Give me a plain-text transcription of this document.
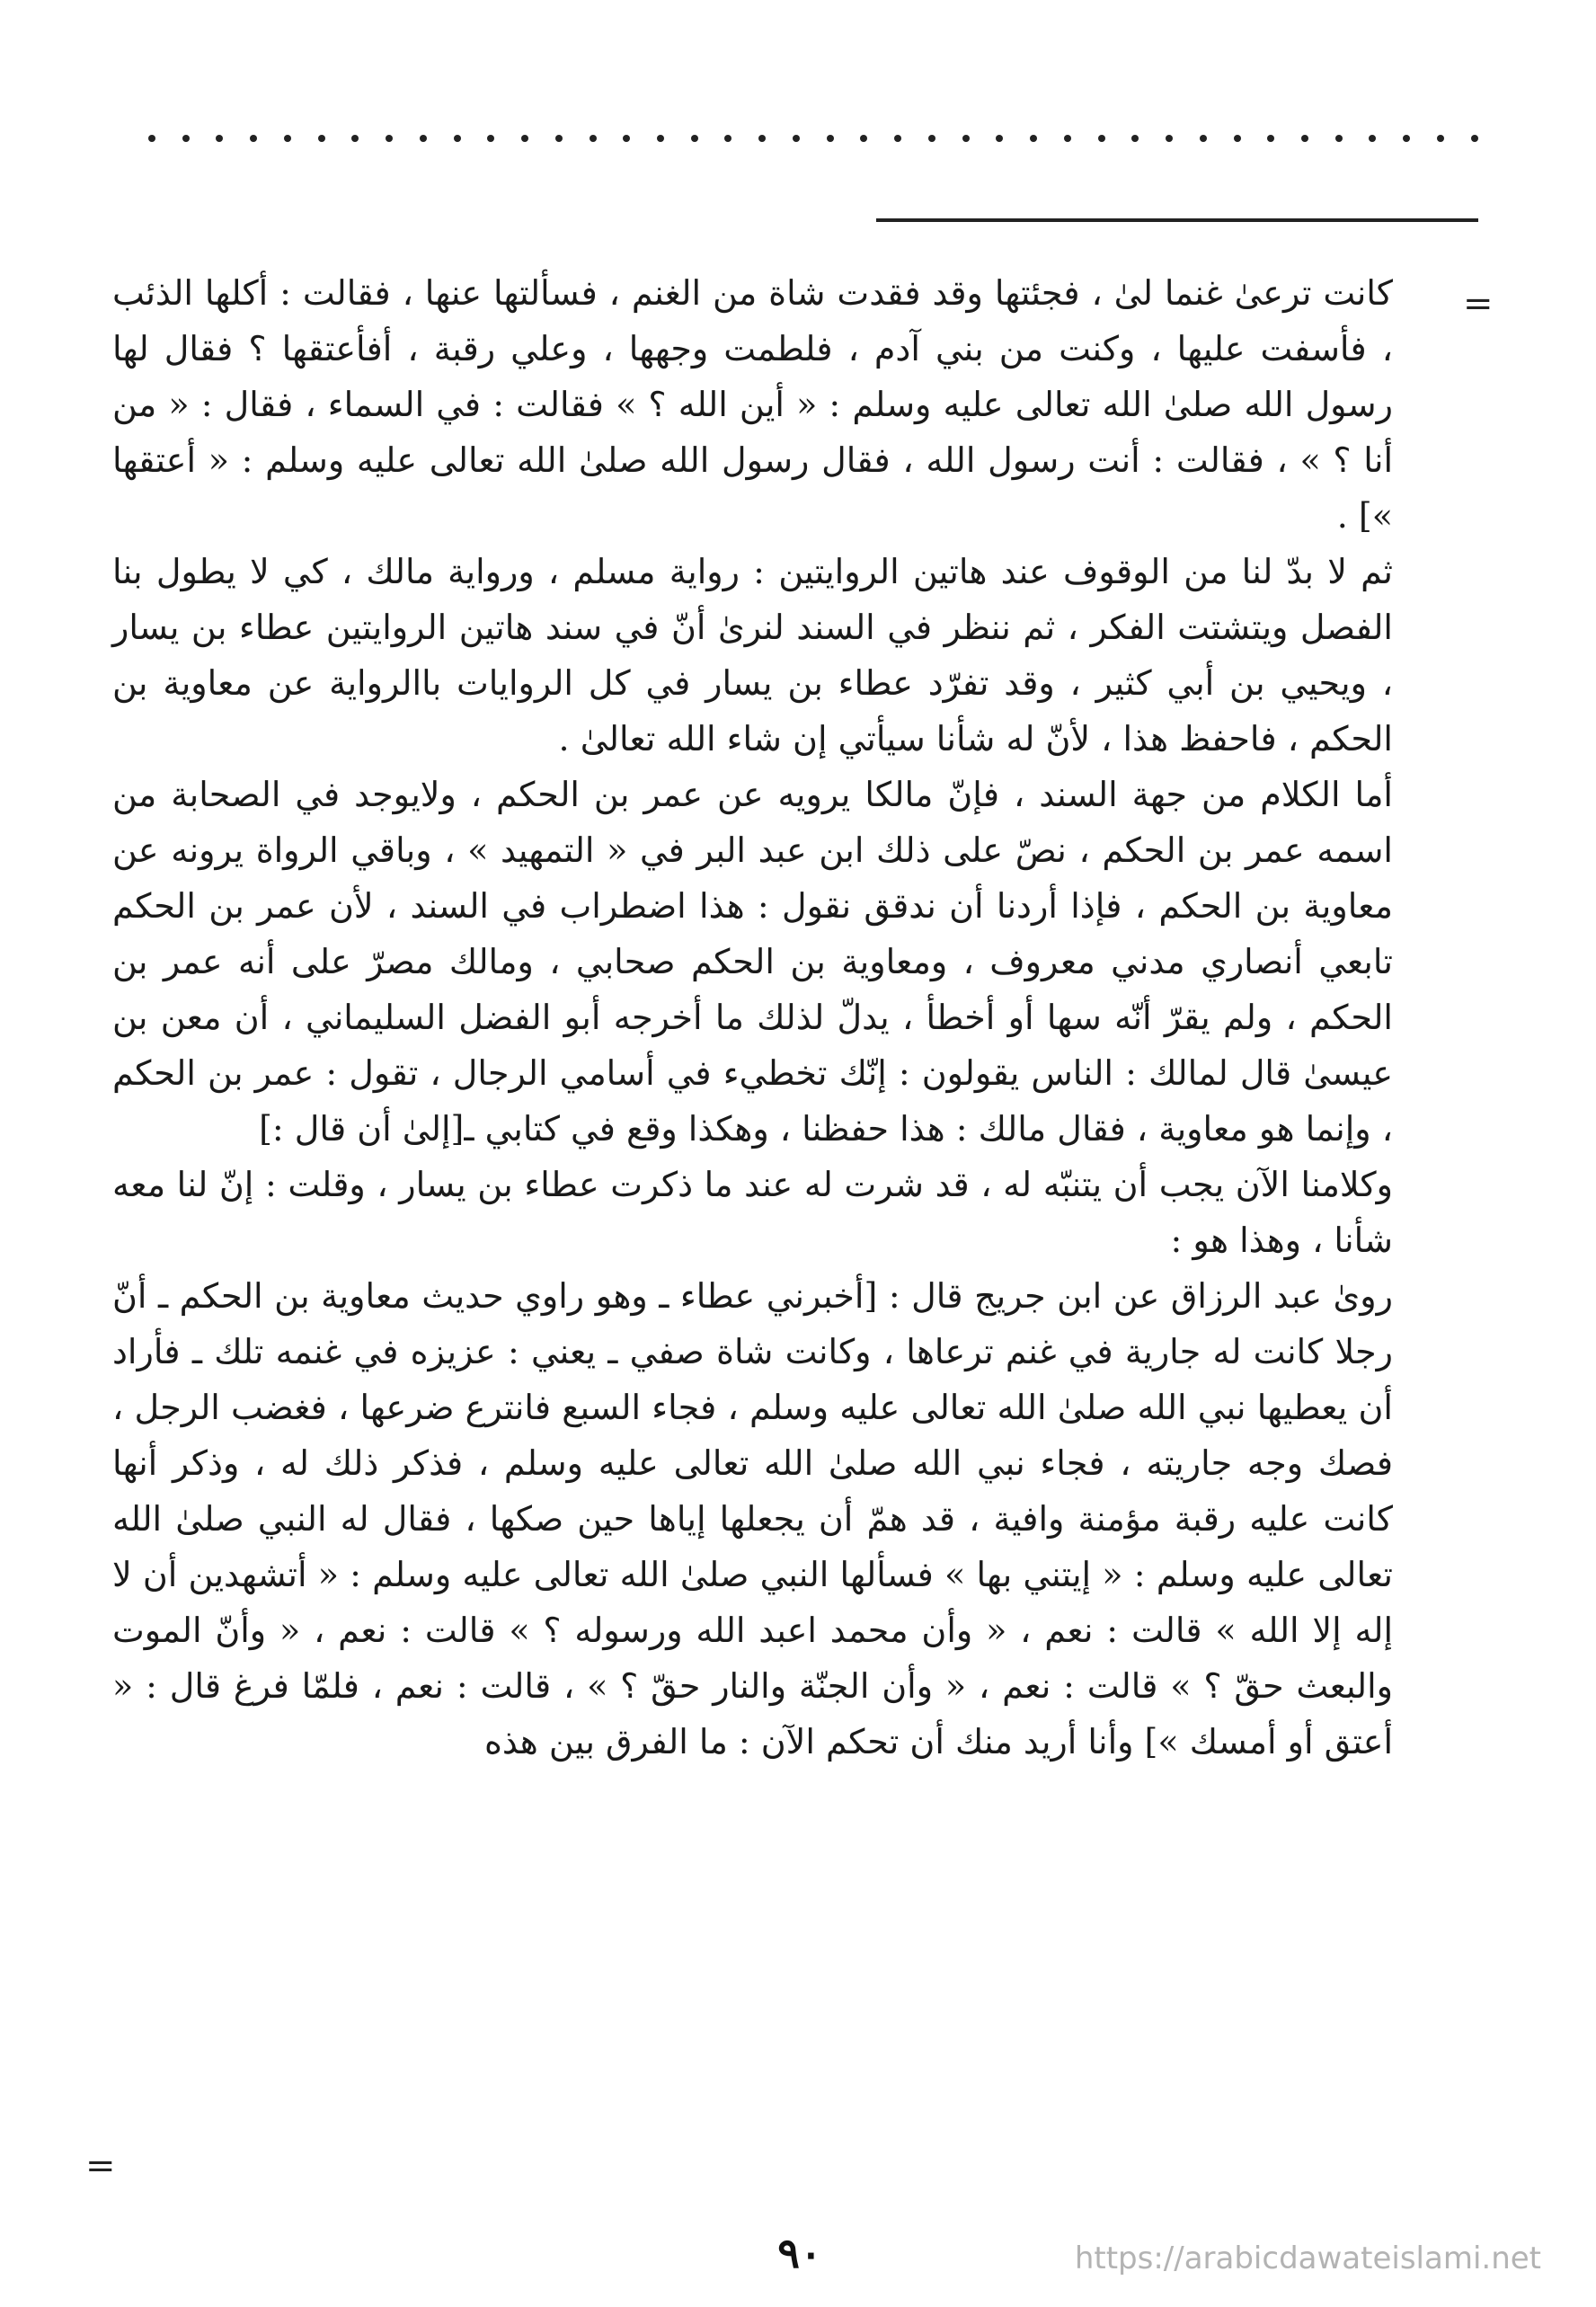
=

كانت ترعىٰ غنما لىٰ ، فجئتها وقد فقدت شاة من الغنم ، فسألتها عنها ، فقالت : أكلها الذئب ، فأسفت عليها ، وكنت من بني آدم ، فلطمت وجهها ، وعلي رقبة ، أفأعتقها ؟ فقال لها رسول الله صلىٰ الله تعالى عليه وسلم : « أين الله ؟ » فقالت : في السماء ، فقال : « من أنا ؟ » ، فقالت : أنت رسول الله ، فقال رسول الله صلىٰ الله تعالى عليه وسلم : « أعتقها »] .

ثم لا بدّ لنا من الوقوف عند هاتين الروايتين : رواية مسلم ، ورواية مالك ، كي لا يطول بنا الفصل ويتشتت الفكر ، ثم ننظر في السند لنرىٰ أنّ في سند هاتين الروايتين عطاء بن يسار ، ويحيي بن أبي كثير ، وقد تفرّد عطاء بن يسار في كل الروايات باالرواية عن معاوية بن الحكم ، فاحفظ هذا ، لأنّ له شأنا سيأتي إن شاء الله تعالىٰ .

أما الكلام من جهة السند ، فإنّ مالكا يرويه عن عمر بن الحكم ، ولايوجد في الصحابة من اسمه عمر بن الحكم ، نصّ على ذلك ابن عبد البر في « التمهيد » ، وباقي الرواة يرونه عن معاوية بن الحكم ، فإذا أردنا أن ندقق نقول : هذا اضطراب في السند ، لأن عمر بن الحكم تابعي أنصاري مدني معروف ، ومعاوية بن الحكم صحابي ، ومالك مصرّ على أنه عمر بن الحكم ، ولم يقرّ أنّه سها أو أخطأ ، يدلّ لذلك ما أخرجه أبو الفضل السليماني ، أن معن بن عيسىٰ قال لمالك : الناس يقولون : إنّك تخطيء في أسامي الرجال ، تقول : عمر بن الحكم ، وإنما هو معاوية ، فقال مالك : هذا حفظنا ، وهكذا وقع في كتابي ـ[إلىٰ أن قال :]

وكلامنا الآن يجب أن يتنبّه له ، قد شرت له عند ما ذكرت عطاء بن يسار ، وقلت : إنّ لنا معه شأنا ، وهذا هو :

روىٰ عبد الرزاق عن ابن جريج قال : [أخبرني عطاء ـ وهو راوي حديث معاوية بن الحكم ـ أنّ رجلا كانت له جارية في غنم ترعاها ، وكانت شاة صفي ـ يعني : عزيزه في غنمه تلك ـ فأراد أن يعطيها نبي الله صلىٰ الله تعالى عليه وسلم ، فجاء السبع فانترع ضرعها ، فغضب الرجل ، فصك وجه جاريته ، فجاء نبي الله صلىٰ الله تعالى عليه وسلم ، فذكر ذلك له ، وذكر أنها كانت عليه رقبة مؤمنة وافية ، قد همّ أن يجعلها إياها حين صكها ، فقال له النبي صلىٰ الله تعالى عليه وسلم : « إيتني بها » فسألها النبي صلىٰ الله تعالى عليه وسلم : « أتشهدين أن لا إله إلا الله » قالت : نعم ، « وأن محمد اعبد الله ورسوله ؟ » قالت : نعم ، « وأنّ الموت والبعث حقّ ؟ » قالت : نعم ، « وأن الجنّة والنار حقّ ؟ » ، قالت : نعم ، فلمّا فرغ قال : « أعتق أو أمسك »] وأنا أريد منك أن تحكم الآن : ما الفرق بين هذه

=
٩٠	https://arabicdawateislami.net
